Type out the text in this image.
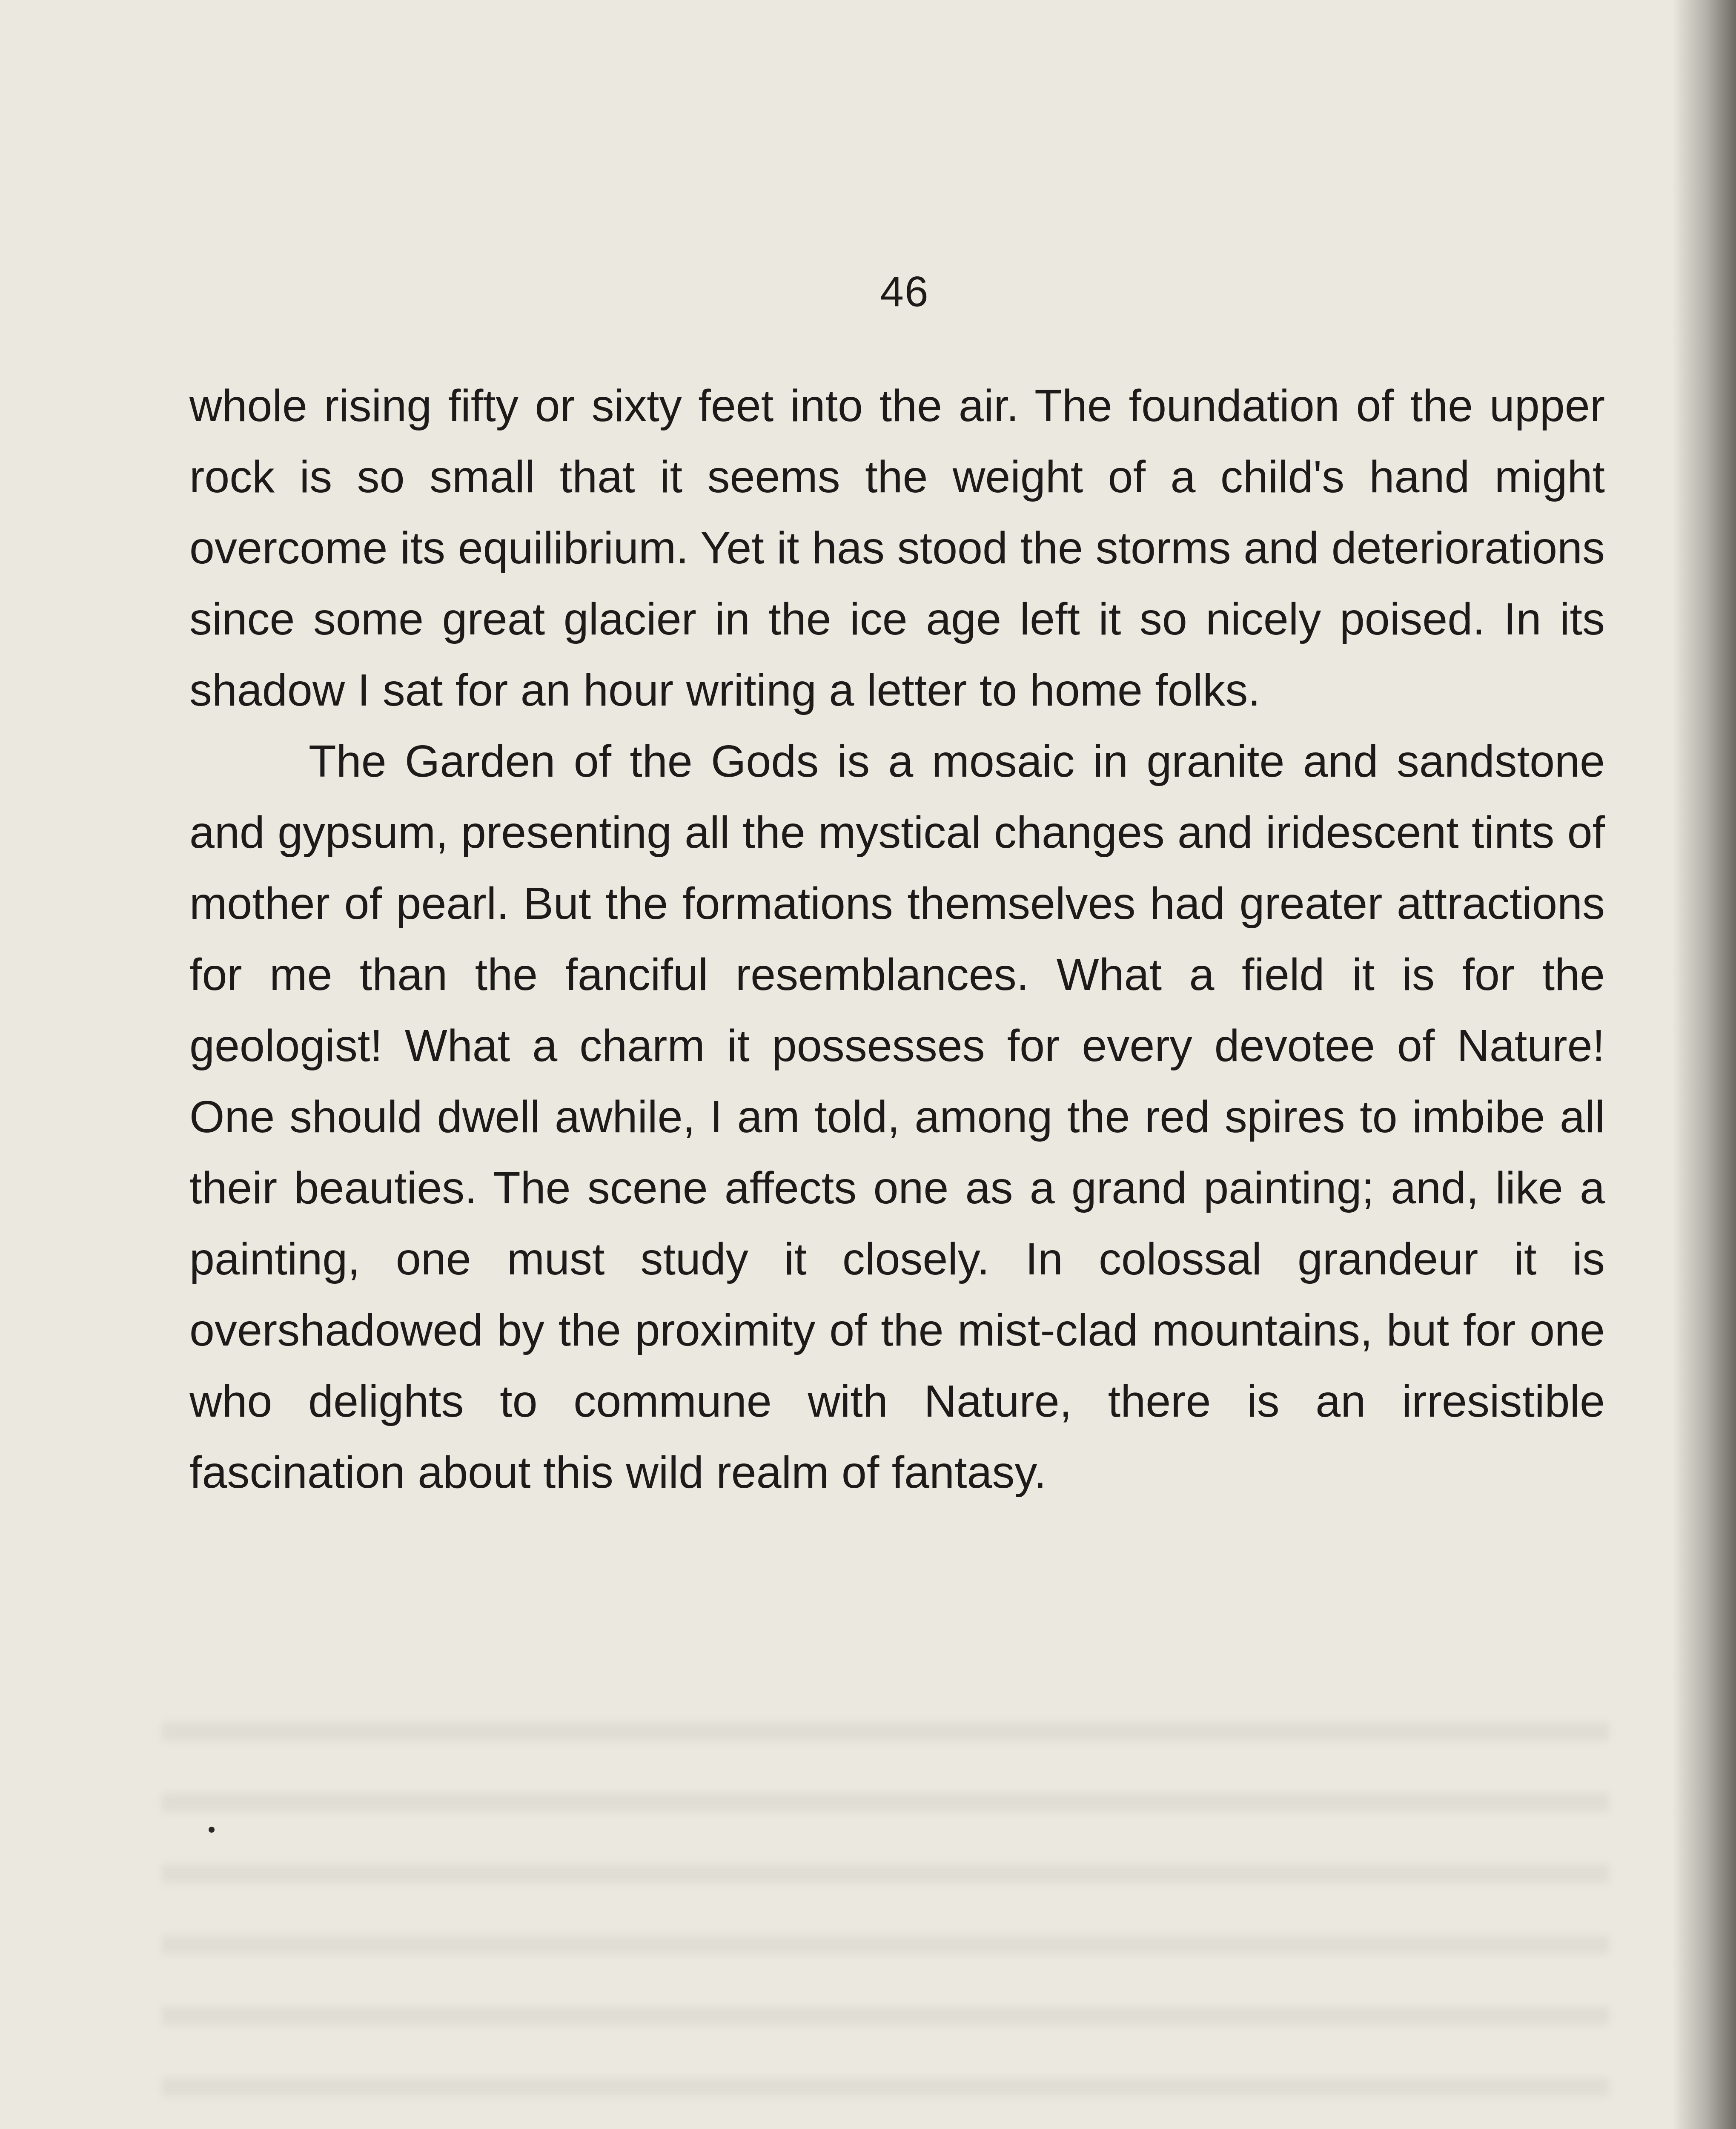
46

whole rising fifty or sixty feet into the air. The foundation of the upper rock is so small that it seems the weight of a child's hand might overcome its equilibrium. Yet it has stood the storms and deteriorations since some great glacier in the ice age left it so nicely poised. In its shadow I sat for an hour writing a letter to home folks.

The Garden of the Gods is a mosaic in granite and sandstone and gypsum, presenting all the mystical changes and iridescent tints of mother of pearl. But the formations themselves had greater attractions for me than the fanciful resemblances. What a field it is for the geologist! What a charm it possesses for every devotee of Nature! One should dwell awhile, I am told, among the red spires to imbibe all their beauties. The scene affects one as a grand painting; and, like a painting, one must study it closely. In colossal grandeur it is overshadowed by the proximity of the mist-clad mountains, but for one who delights to commune with Nature, there is an irresistible fascination about this wild realm of fantasy.
